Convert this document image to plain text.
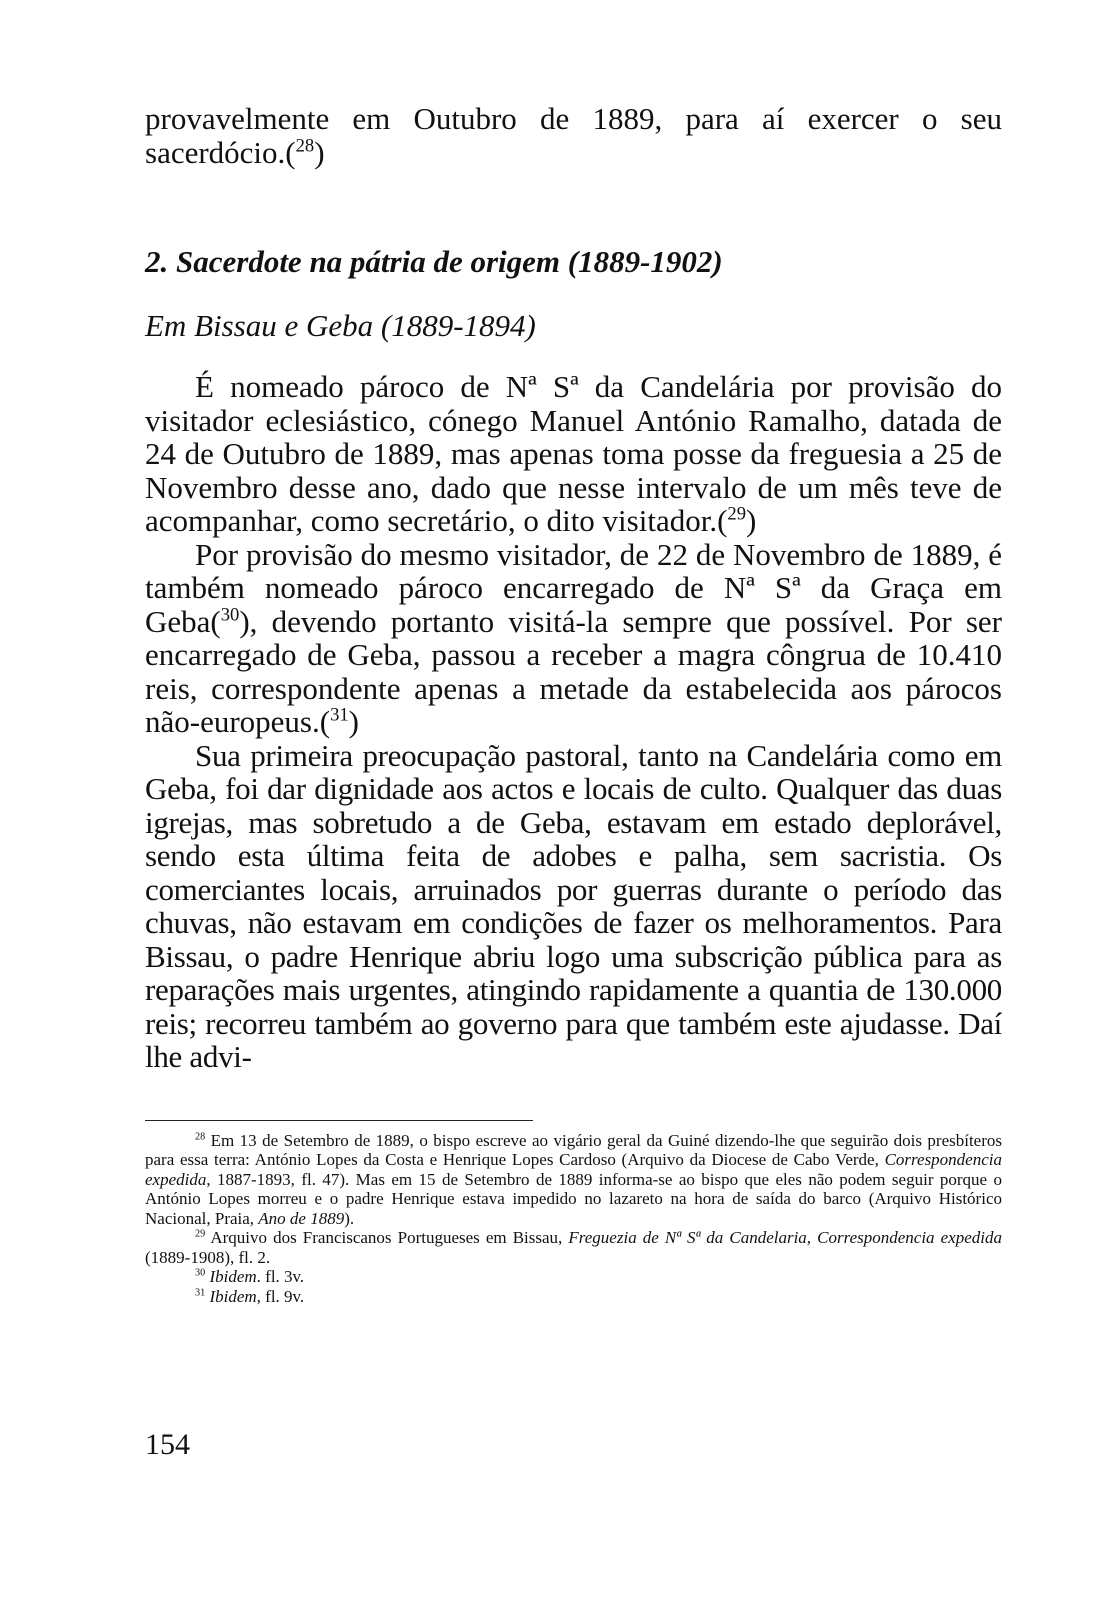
provavelmente em Outubro de 1889, para aí exercer o seu sacerdócio.($^{28}$)

2. Sacerdote na pátria de origem (1889-1902)

Em Bissau e Geba (1889-1894)

É nomeado pároco de Nª Sª da Candelária por provisão do visitador eclesiástico, cónego Manuel António Ramalho, datada de 24 de Outubro de 1889, mas apenas toma posse da freguesia a 25 de Novembro desse ano, dado que nesse intervalo de um mês teve de acompanhar, como secretário, o dito visitador.($^{29}$)

Por provisão do mesmo visitador, de 22 de Novembro de 1889, é também nomeado pároco encarregado de Nª Sª da Graça em Geba($^{30}$), devendo portanto visitá-la sempre que possível. Por ser encarregado de Geba, passou a receber a magra côngrua de 10.410 reis, correspondente apenas a metade da estabelecida aos párocos não-europeus.($^{31}$)

Sua primeira preocupação pastoral, tanto na Candelária como em Geba, foi dar dignidade aos actos e locais de culto. Qualquer das duas igrejas, mas sobretudo a de Geba, estavam em estado deplorável, sendo esta última feita de adobes e palha, sem sacristia. Os comerciantes locais, arruinados por guerras durante o período das chuvas, não estavam em condições de fazer os melhoramentos. Para Bissau, o padre Henrique abriu logo uma subscrição pública para as reparações mais urgentes, atingindo rapidamente a quantia de 130.000 reis; recorreu também ao governo para que também este ajudasse. Daí lhe advi-

$^{28}$ Em 13 de Setembro de 1889, o bispo escreve ao vigário geral da Guiné dizendo-lhe que seguirão dois presbíteros para essa terra: António Lopes da Costa e Henrique Lopes Cardoso (Arquivo da Diocese de Cabo Verde, Correspondencia expedida, 1887-1893, fl. 47). Mas em 15 de Setembro de 1889 informa-se ao bispo que eles não podem seguir porque o António Lopes morreu e o padre Henrique estava impedido no lazareto na hora de saída do barco (Arquivo Histórico Nacional, Praia, Ano de 1889).

$^{29}$ Arquivo dos Franciscanos Portugueses em Bissau, Freguezia de Nª Sª da Candelaria, Correspondencia expedida (1889-1908), fl. 2.

$^{30}$ Ibidem. fl. 3v.

$^{31}$ Ibidem, fl. 9v.

154
